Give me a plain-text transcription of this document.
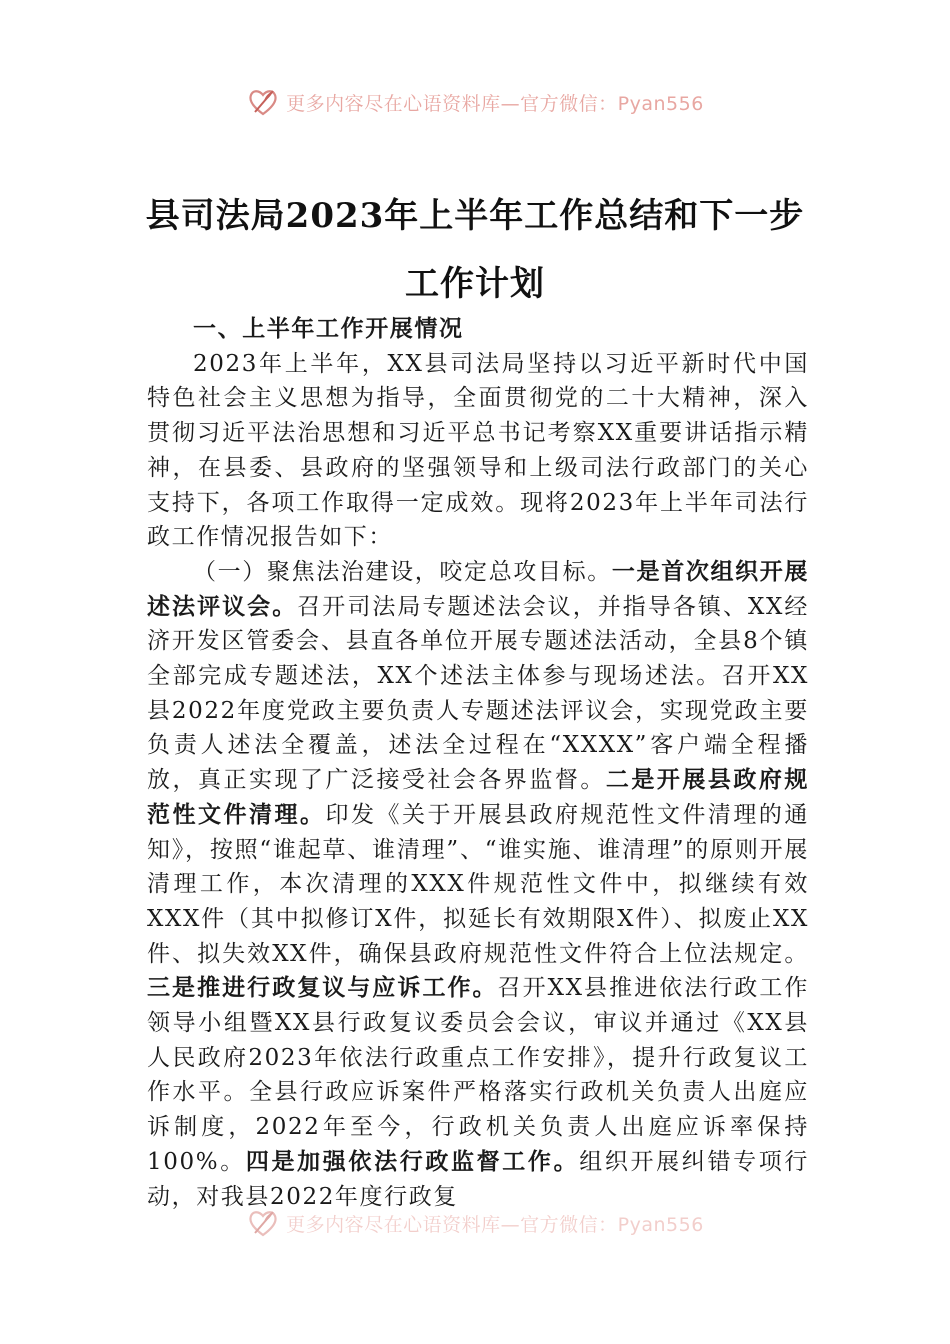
更多内容尽在心语资料库—官方微信：Pyan556
县司法局2023年上半年工作总结和下一步
工作计划

一、上半年工作开展情况

2023年上半年，XX县司法局坚持以习近平新时代中国特色社会主义思想为指导，全面贯彻党的二十大精神，深入贯彻习近平法治思想和习近平总书记考察XX重要讲话指示精神，在县委、县政府的坚强领导和上级司法行政部门的关心支持下，各项工作取得一定成效。现将2023年上半年司法行政工作情况报告如下：

（一）聚焦法治建设，咬定总攻目标。一是首次组织开展述法评议会。召开司法局专题述法会议，并指导各镇、XX经济开发区管委会、县直各单位开展专题述法活动，全县8个镇全部完成专题述法，XX个述法主体参与现场述法。召开XX县2022年度党政主要负责人专题述法评议会，实现党政主要负责人述法全覆盖，述法全过程在“XXXX”客户端全程播放，真正实现了广泛接受社会各界监督。二是开展县政府规范性文件清理。印发《关于开展县政府规范性文件清理的通知》，按照“谁起草、谁清理”、“谁实施、谁清理”的原则开展清理工作，本次清理的XXX件规范性文件中，拟继续有效XXX件（其中拟修订X件，拟延长有效期限X件）、拟废止XX件、拟失效XX件，确保县政府规范性文件符合上位法规定。三是推进行政复议与应诉工作。召开XX县推进依法行政工作领导小组暨XX县行政复议委员会会议，审议并通过《XX县人民政府2023年依法行政重点工作安排》，提升行政复议工作水平。全县行政应诉案件严格落实行政机关负责人出庭应诉制度，2022年至今，行政机关负责人出庭应诉率保持100%。四是加强依法行政监督工作。组织开展纠错专项行动，对我县2022年度行政复

更多内容尽在心语资料库—官方微信：Pyan556
